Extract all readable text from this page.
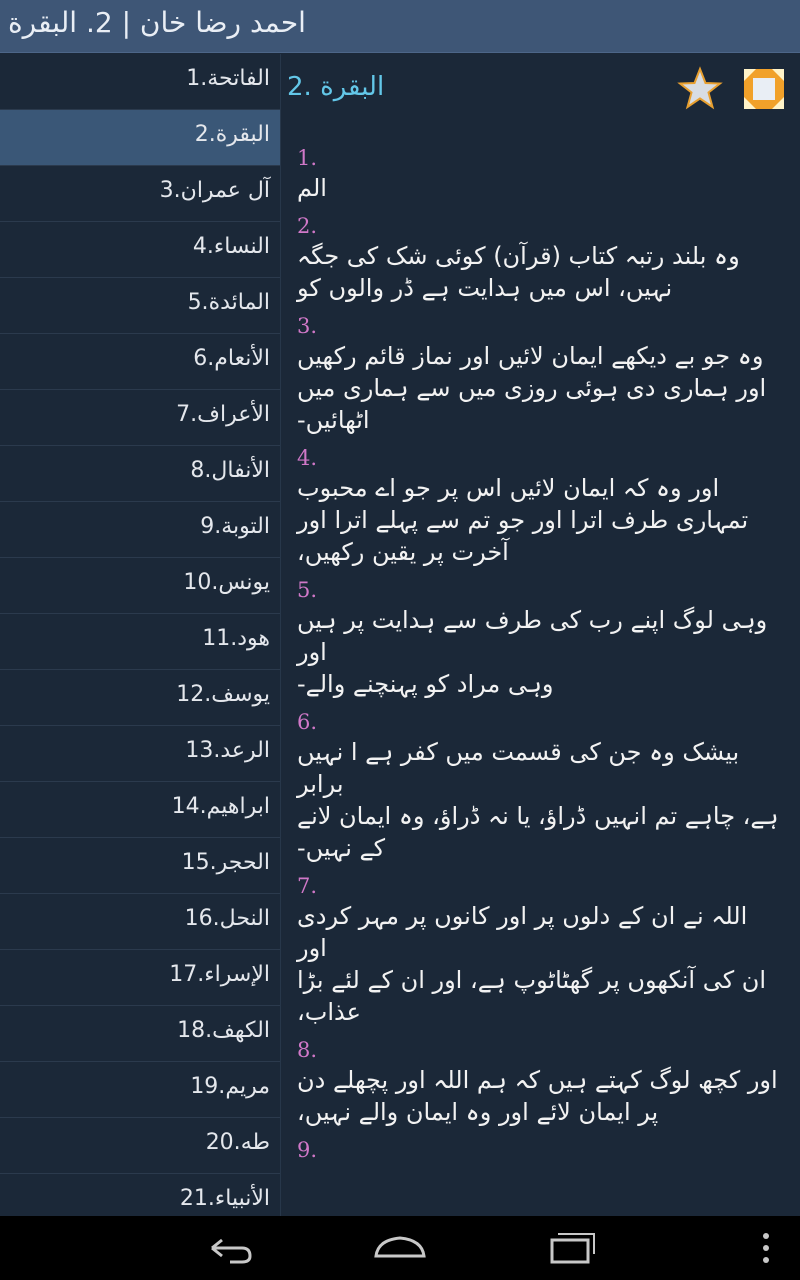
احمد رضا خان | 2. البقرة
1.الفاتحة
2.البقرة
3.آل عمران
4.النساء
5.المائدة
6.الأنعام
7.الأعراف
8.الأنفال
9.التوبة
10.يونس
11.هود
12.يوسف
13.الرعد
14.ابراهيم
15.الحجر
16.النحل
17.الإسراء
18.الكهف
19.مريم
20.طه
21.الأنبياء
2. البقرة
1.
الم
2.
وہ بلند رتبہ کتاب (قرآن) کوئی شک کی جگہ
نہیں، اس میں ہدایت ہے ڈر والوں کو
3.
وہ جو بے دیکھے ایمان لائیں اور نماز قائم رکھیں
اور ہماری دی ہوئی روزی میں سے ہماری میں
اٹھائیں-
4.
اور وہ کہ ایمان لائیں اس پر جو اے محبوب
تمہاری طرف اترا اور جو تم سے پہلے اترا اور
آخرت پر یقین رکھیں،
5.
وہی لوگ اپنے رب کی طرف سے ہدایت پر ہیں اور
وہی مراد کو پہنچنے والے-
6.
بیشک وہ جن کی قسمت میں کفر ہے ا نہیں برابر
ہے، چاہے تم انہیں ڈراؤ، یا نہ ڈراؤ، وہ ایمان لانے
کے نہیں-
7.
اللہ نے ان کے دلوں پر اور کانوں پر مہر کردی اور
ان کی آنکھوں پر گھٹاٹوپ ہے، اور ان کے لئے بڑا
عذاب،
8.
اور کچھ لوگ کہتے ہیں کہ ہم اللہ اور پچھلے دن
پر ایمان لائے اور وہ ایمان والے نہیں،
9.
